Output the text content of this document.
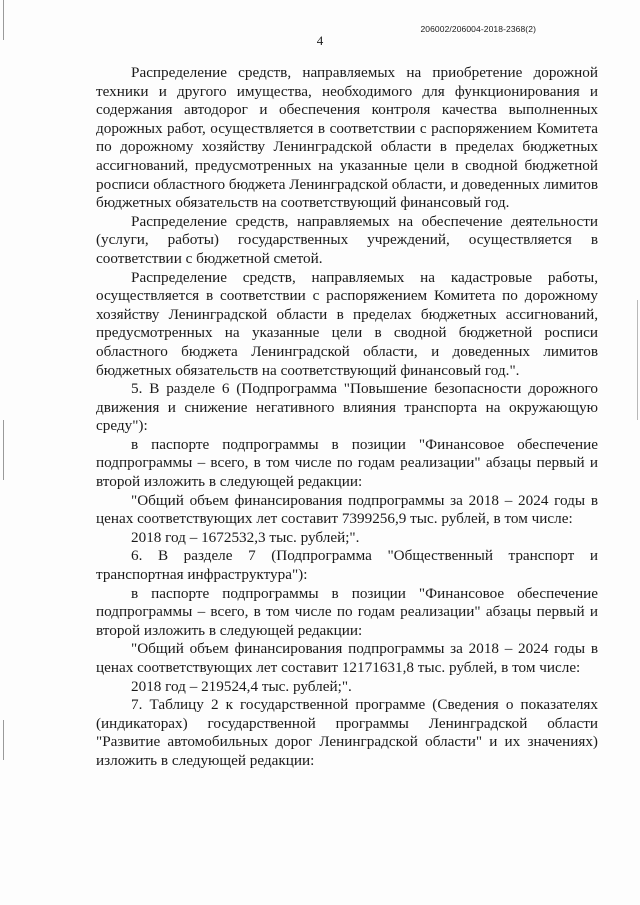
206002/206004-2018-2368(2)
4

Распределение средств, направляемых на приобретение дорожной техники и другого имущества, необходимого для функционирования и содержания автодорог и обеспечения контроля качества выполненных дорожных работ, осуществляется в соответствии с распоряжением Комитета по дорожному хозяйству Ленинградской области в пределах бюджетных ассигнований, предусмотренных на указанные цели в сводной бюджетной росписи областного бюджета Ленинградской области, и доведенных лимитов бюджетных обязательств на соответствующий финансовый год.

Распределение средств, направляемых на обеспечение деятельности (услуги, работы) государственных учреждений, осуществляется в соответствии с бюджетной сметой.

Распределение средств, направляемых на кадастровые работы, осуществляется в соответствии с распоряжением Комитета по дорожному хозяйству Ленинградской области в пределах бюджетных ассигнований, предусмотренных на указанные цели в сводной бюджетной росписи областного бюджета Ленинградской области, и доведенных лимитов бюджетных обязательств на соответствующий финансовый год.".

5. В разделе 6 (Подпрограмма "Повышение безопасности дорожного движения и снижение негативного влияния транспорта на окружающую среду"):

в паспорте подпрограммы в позиции "Финансовое обеспечение подпрограммы – всего, в том числе по годам реализации" абзацы первый и второй изложить в следующей редакции:

"Общий объем финансирования подпрограммы за 2018 – 2024 годы в ценах соответствующих лет составит 7399256,9 тыс. рублей, в том числе:

2018 год – 1672532,3 тыс. рублей;".

6. В разделе 7 (Подпрограмма "Общественный транспорт и транспортная инфраструктура"):

в паспорте подпрограммы в позиции "Финансовое обеспечение подпрограммы – всего, в том числе по годам реализации" абзацы первый и второй изложить в следующей редакции:

"Общий объем финансирования подпрограммы за 2018 – 2024 годы в ценах соответствующих лет составит 12171631,8 тыс. рублей, в том числе:

2018 год – 219524,4 тыс. рублей;".

7. Таблицу 2 к государственной программе (Сведения о показателях (индикаторах) государственной программы Ленинградской области "Развитие автомобильных дорог Ленинградской области" и их значениях) изложить в следующей редакции:
